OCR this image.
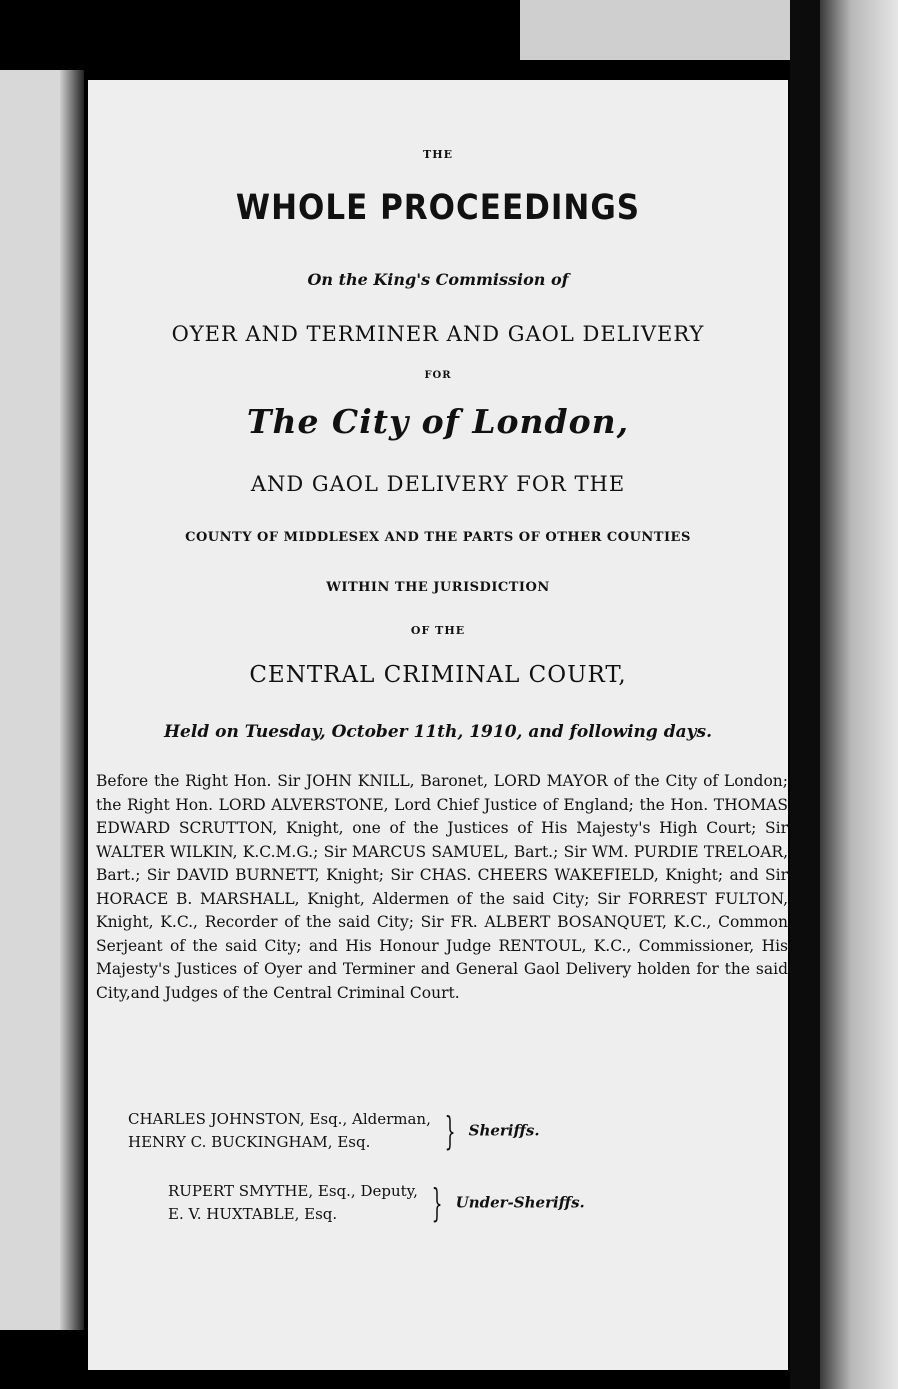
THE
WHOLE PROCEEDINGS
On the King's Commission of
OYER AND TERMINER AND GAOL DELIVERY
FOR
The City of London,
AND GAOL DELIVERY FOR THE
COUNTY OF MIDDLESEX AND THE PARTS OF OTHER COUNTIES
WITHIN THE JURISDICTION
OF THE
CENTRAL CRIMINAL COURT,
Held on Tuesday, October 11th, 1910, and following days.
Before the Right Hon. Sir JOHN KNILL, Baronet, LORD MAYOR of the City of London; the Right Hon. LORD ALVERSTONE, Lord Chief Justice of England; the Hon. THOMAS EDWARD SCRUTTON, Knight, one of the Justices of His Majesty's High Court; Sir WALTER WILKIN, K.C.M.G.; Sir MARCUS SAMUEL, Bart.; Sir WM. PURDIE TRELOAR, Bart.; Sir DAVID BURNETT, Knight; Sir CHAS. CHEERS WAKEFIELD, Knight; and Sir HORACE B. MARSHALL, Knight, Aldermen of the said City; Sir FORREST FULTON, Knight, K.C., Recorder of the said City; Sir FR. ALBERT BOSANQUET, K.C., Common Serjeant of the said City; and His Honour Judge RENTOUL, K.C., Commissioner, His Majesty's Justices of Oyer and Terminer and General Gaol Delivery holden for the said City,and Judges of the Central Criminal Court.
CHARLES JOHNSTON, Esq., Alderman,
HENRY C. BUCKINGHAM, Esq.	} Sheriffs.
RUPERT SMYTHE, Esq., Deputy,
E. V. HUXTABLE, Esq.	} Under-Sheriffs.
